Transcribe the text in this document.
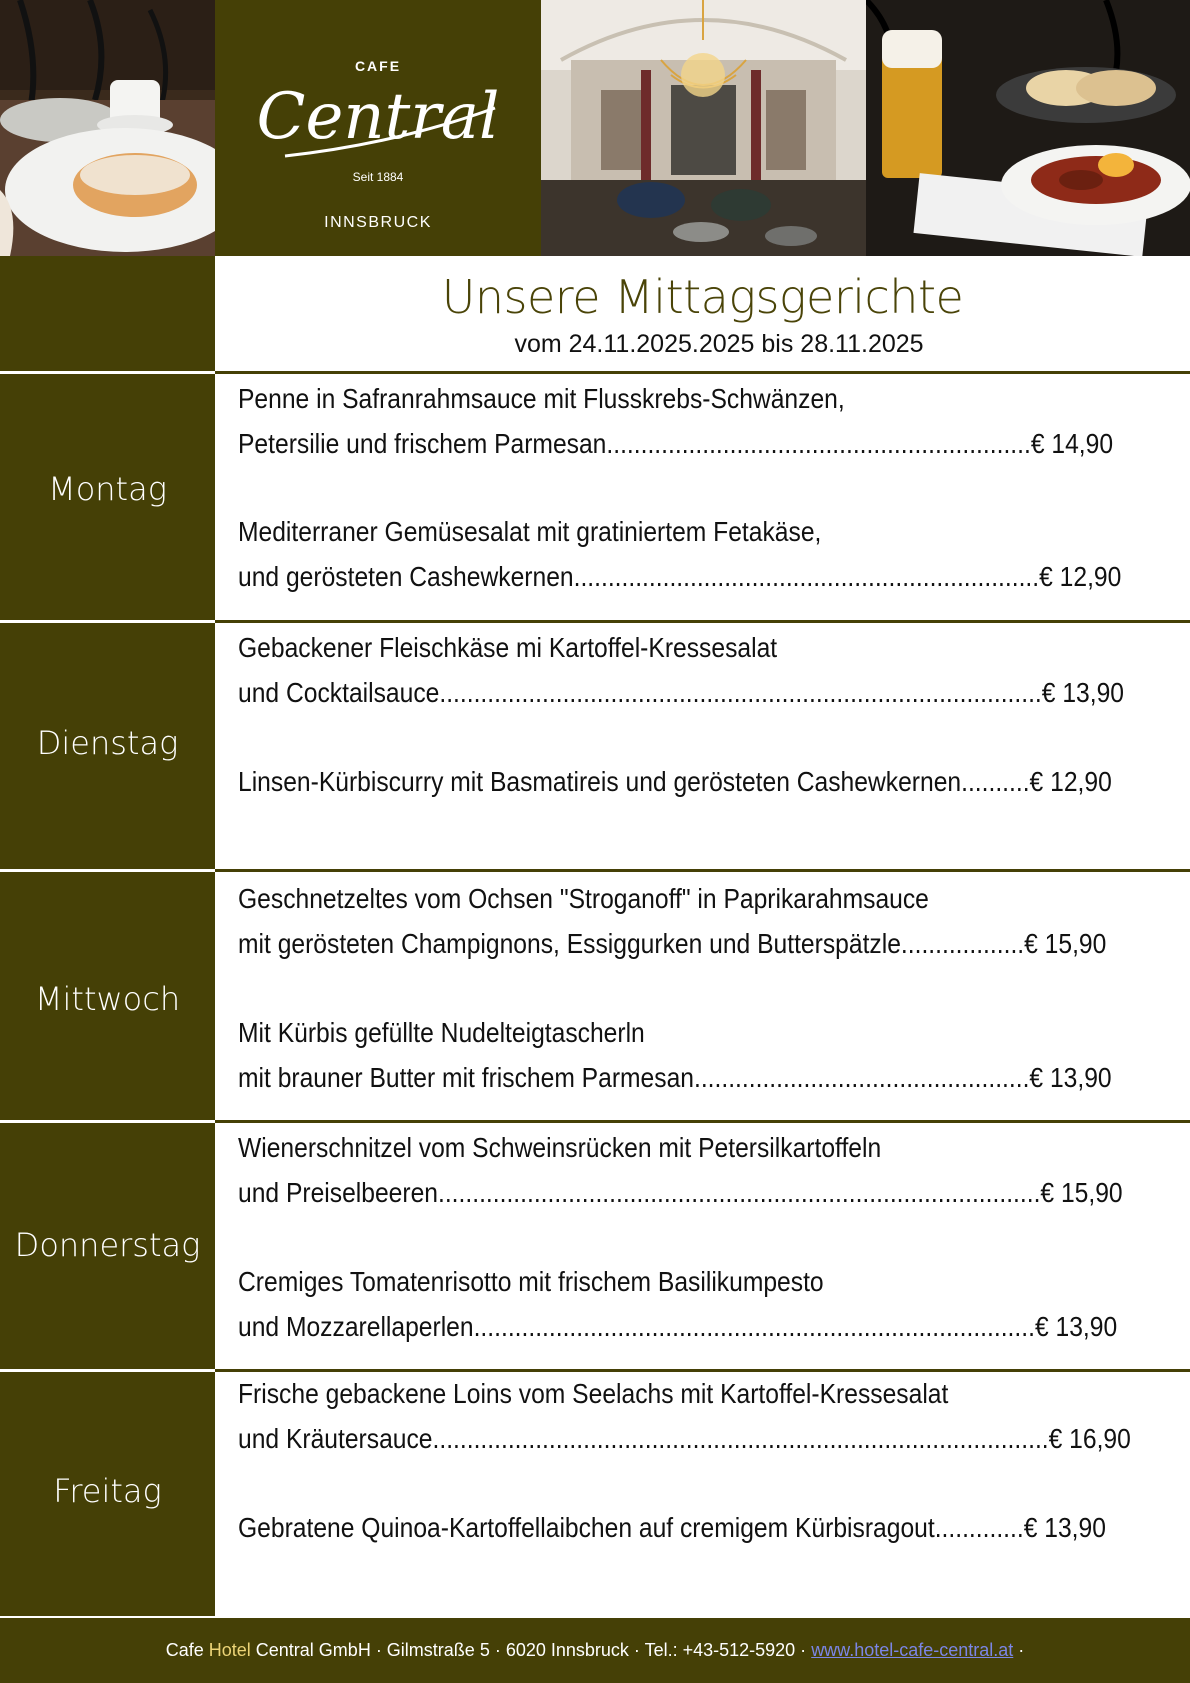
CAFE
Central
Seit 1884
INNSBRUCK
Unsere Mittagsgerichte
vom 24.11.2025.2025 bis 28.11.2025
Montag
Dienstag
Mittwoch
Donnerstag
Freitag
Penne in Safranrahmsauce mit Flusskrebs-Schwänzen,
Petersilie und frischem Parmesan..............................................................€ 14,90
Mediterraner Gemüsesalat mit gratiniertem Fetakäse,
und gerösteten Cashewkernen....................................................................€ 12,90
Gebackener Fleischkäse mi Kartoffel-Kressesalat
und Cocktailsauce........................................................................................€ 13,90
Linsen-Kürbiscurry mit Basmatireis und gerösteten Cashewkernen..........€ 12,90
Geschnetzeltes vom Ochsen "Stroganoff" in Paprikarahmsauce
mit gerösteten Champignons, Essiggurken und Butterspätzle..................€ 15,90
Mit Kürbis gefüllte Nudelteigtascherln
mit brauner Butter mit frischem Parmesan.................................................€ 13,90
Wienerschnitzel vom Schweinsrücken mit Petersilkartoffeln
und Preiselbeeren........................................................................................€ 15,90
Cremiges Tomatenrisotto mit frischem Basilikumpesto
und Mozzarellaperlen..................................................................................€ 13,90
Frische gebackene Loins vom Seelachs mit Kartoffel-Kressesalat
und Kräutersauce..........................................................................................€ 16,90
Gebratene Quinoa-Kartoffellaibchen auf cremigem Kürbisragout.............€ 13,90
Cafe Hotel Central GmbH · Gilmstraße 5 · 6020 Innsbruck · Tel.: +43-512-5920 · www.hotel-cafe-central.at ·
